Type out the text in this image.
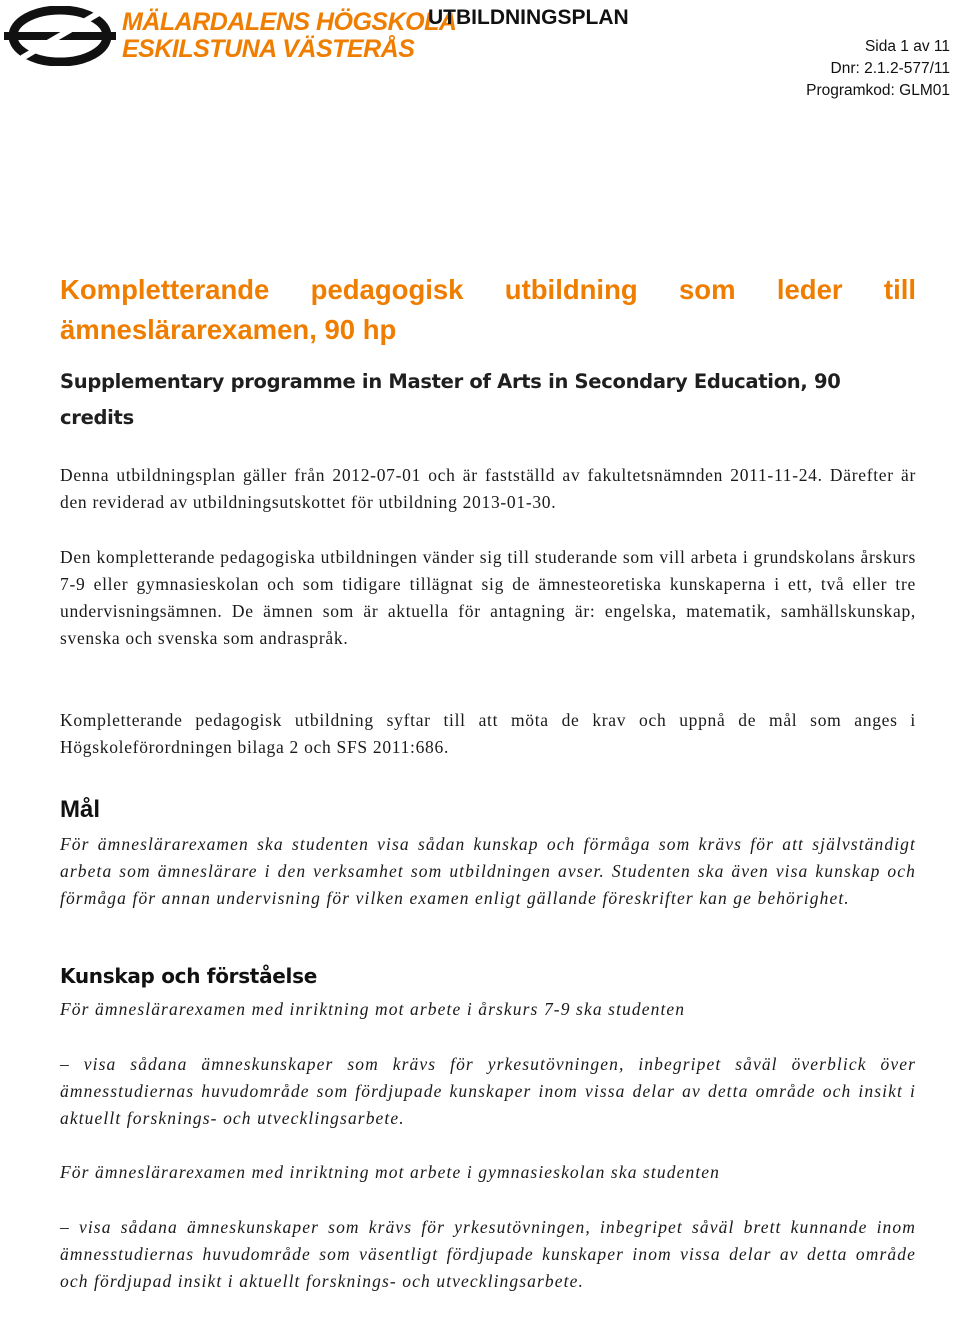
MÄLARDALENS HÖGSKOLA
ESKILSTUNA VÄSTERÅS
UTBILDNINGSPLAN
Sida 1 av 11
Dnr: 2.1.2-577/11
Programkod: GLM01
Kompletterande pedagogisk utbildning som leder till ämneslärarexamen, 90 hp
Supplementary programme in Master of Arts in Secondary Education, 90 credits

Denna utbildningsplan gäller från 2012-07-01 och är fastställd av fakultetsnämnden 2011-11-24. Därefter är den reviderad av utbildningsutskottet för utbildning 2013-01-30.

Den kompletterande pedagogiska utbildningen vänder sig till studerande som vill arbeta i grundskolans årskurs 7-9 eller gymnasieskolan och som tidigare tillägnat sig de ämnesteoretiska kunskaperna i ett, två eller tre undervisningsämnen. De ämnen som är aktuella för antagning är: engelska, matematik, samhällskunskap, svenska och svenska som andraspråk.

Kompletterande pedagogisk utbildning syftar till att möta de krav och uppnå de mål som anges i Högskoleförordningen bilaga 2 och SFS 2011:686.

Mål

För ämneslärarexamen ska studenten visa sådan kunskap och förmåga som krävs för att självständigt arbeta som ämneslärare i den verksamhet som utbildningen avser. Studenten ska även visa kunskap och förmåga för annan undervisning för vilken examen enligt gällande föreskrifter kan ge behörighet.

Kunskap och förståelse

För ämneslärarexamen med inriktning mot arbete i årskurs 7-9 ska studenten

– visa sådana ämneskunskaper som krävs för yrkesutövningen, inbegripet såväl överblick över ämnesstudiernas huvudområde som fördjupade kunskaper inom vissa delar av detta område och insikt i aktuellt forsknings- och utvecklingsarbete.

För ämneslärarexamen med inriktning mot arbete i gymnasieskolan ska studenten

– visa sådana ämneskunskaper som krävs för yrkesutövningen, inbegripet såväl brett kunnande inom ämnesstudiernas huvudområde som väsentligt fördjupade kunskaper inom vissa delar av detta område och fördjupad insikt i aktuellt forsknings- och utvecklingsarbete.
